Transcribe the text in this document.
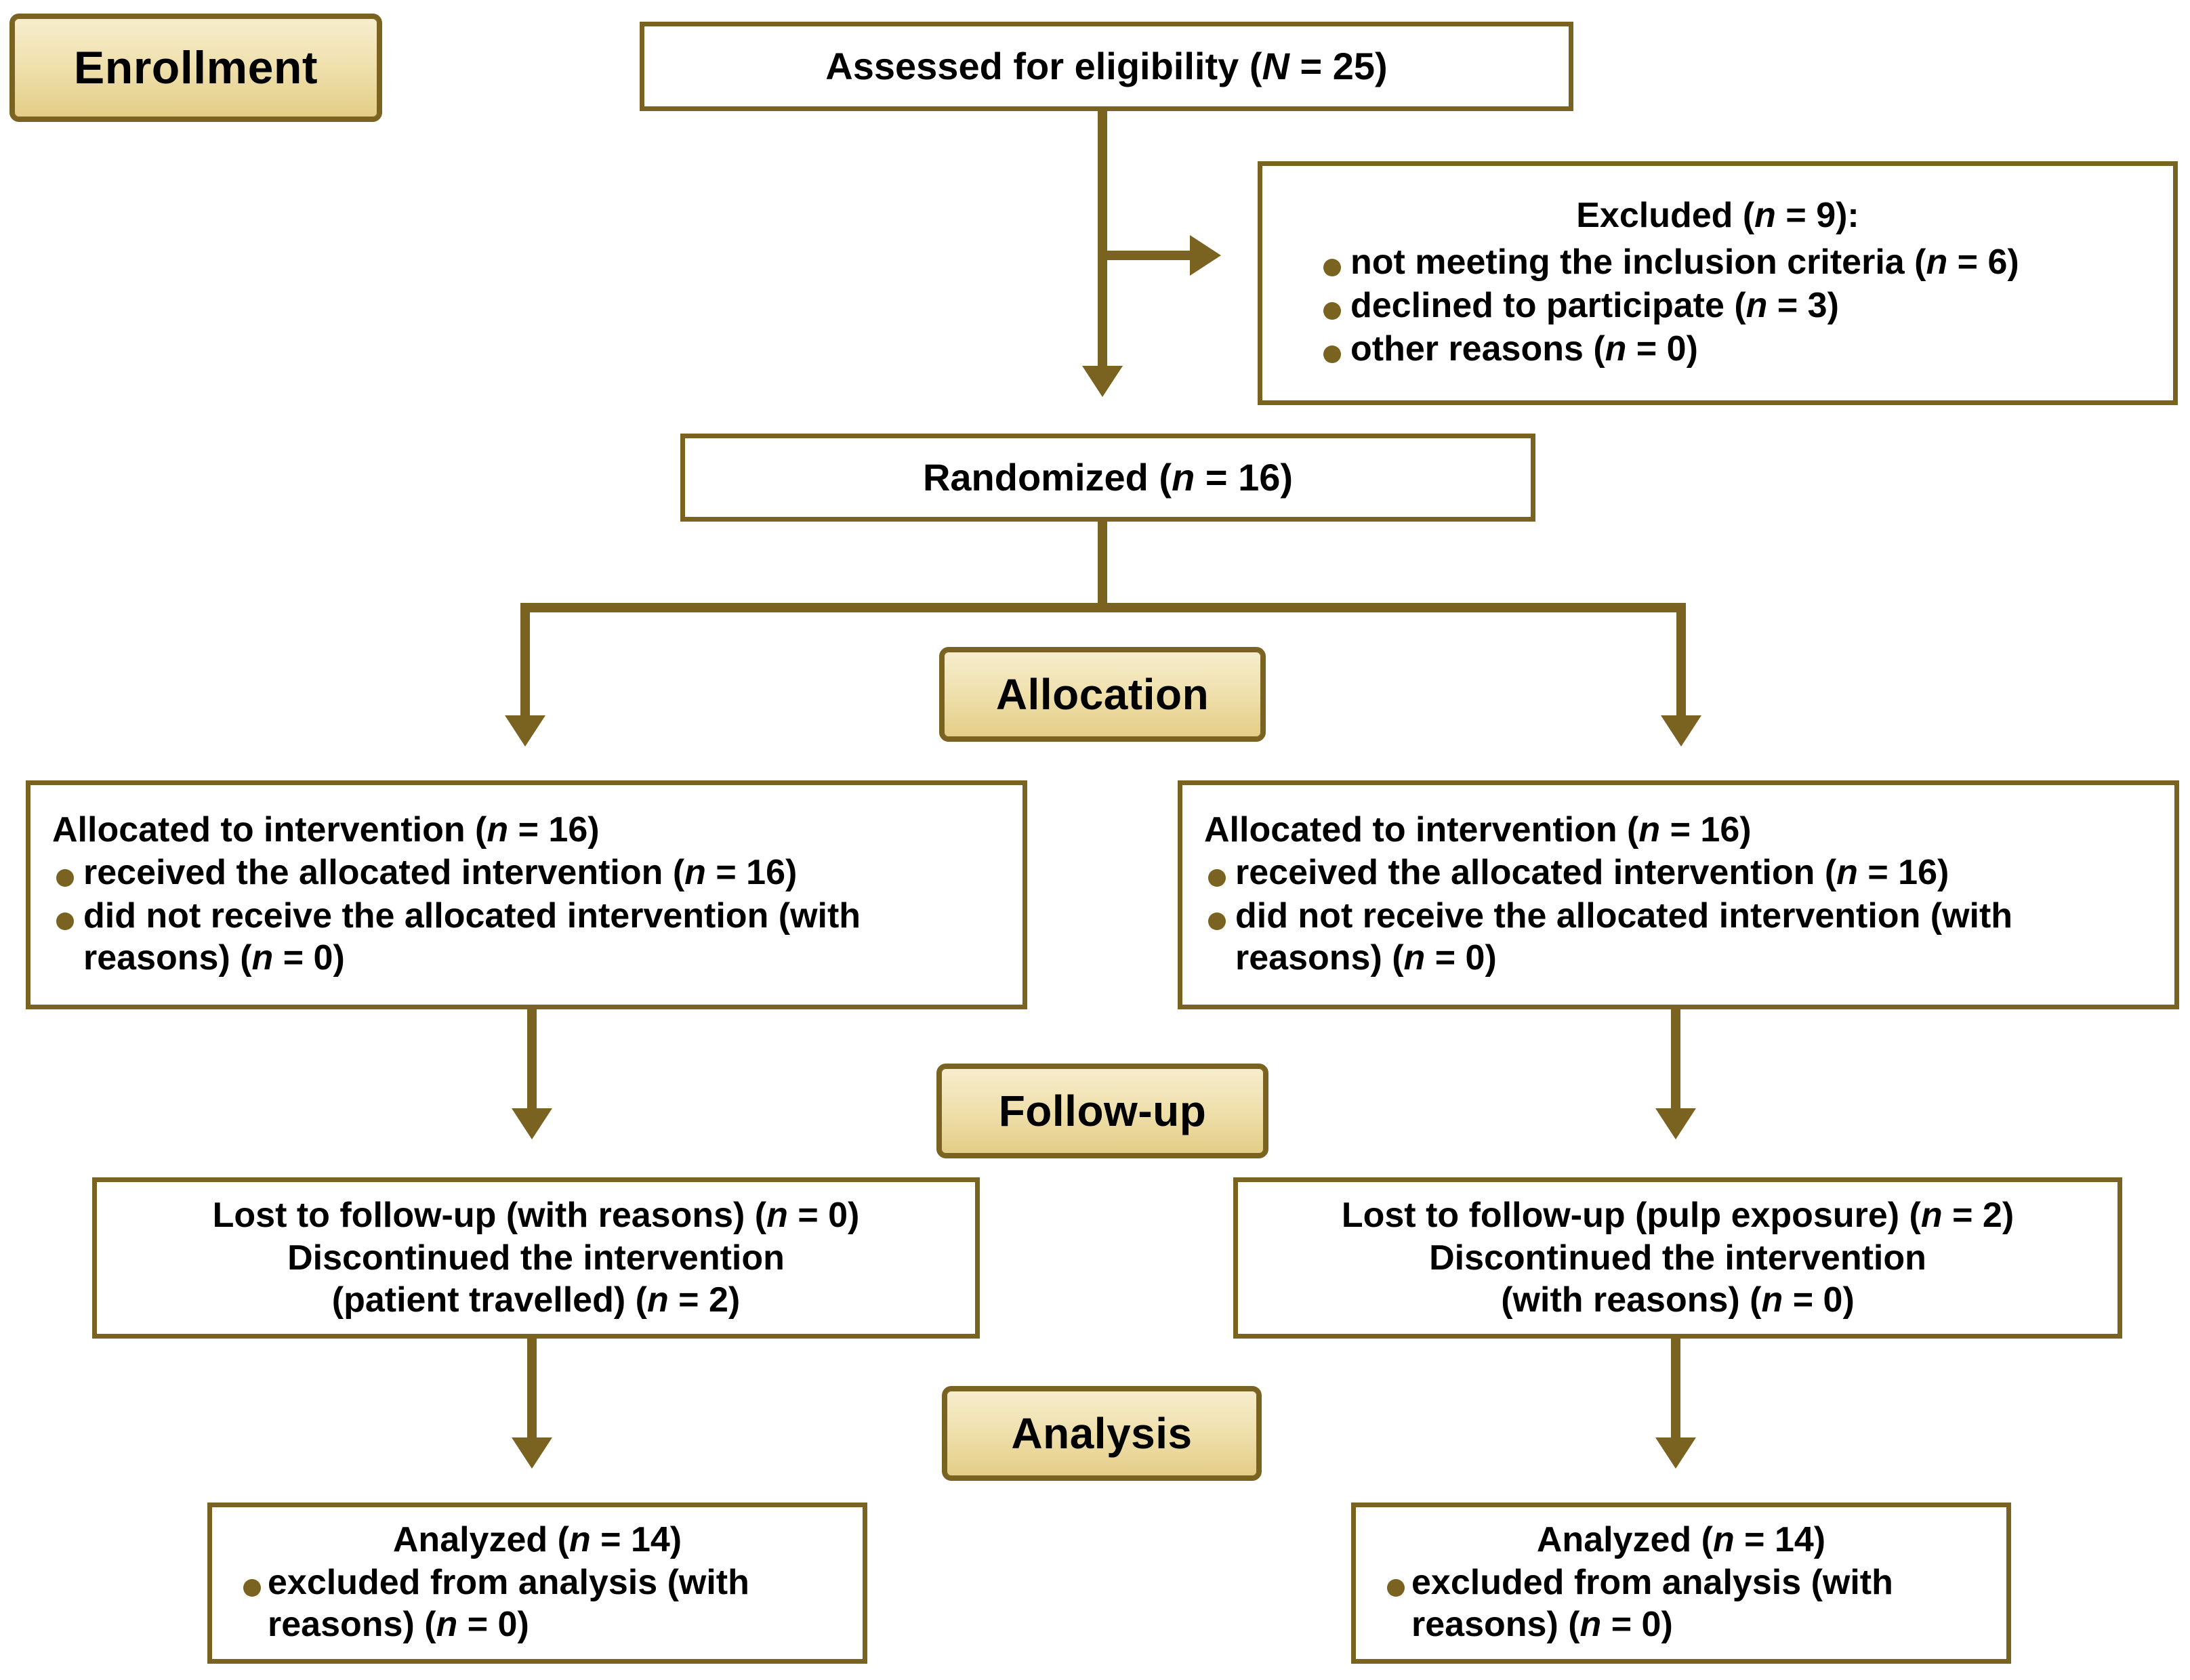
Enrollment	Assessed for eligibility (N = 25)
Excluded (n = 9):
not meeting the inclusion criteria (n = 6)
declined to participate (n = 3)
other reasons (n = 0)
Randomized (n = 16)
Allocation
Allocated to intervention (n = 16)
received the allocated intervention (n = 16)
did not receive the allocated intervention (with reasons) (n = 0)
Allocated to intervention (n = 16)
received the allocated intervention (n = 16)
did not receive the allocated intervention (with reasons) (n = 0)
Follow-up
Lost to follow-up (with reasons) (n = 0)
Discontinued the intervention
(patient travelled) (n = 2)
Lost to follow-up (pulp exposure) (n = 2)
Discontinued the intervention
(with reasons) (n = 0)
Analysis
Analyzed (n = 14)
excluded from analysis (with reasons) (n = 0)
Analyzed (n = 14)
excluded from analysis (with reasons) (n = 0)
